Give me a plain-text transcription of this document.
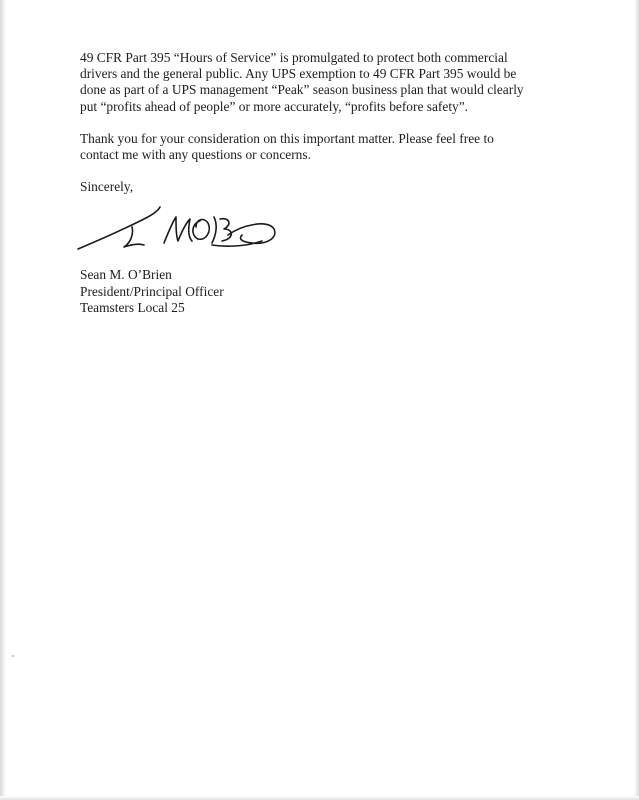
49 CFR Part 395 “Hours of Service” is promulgated to protect both commercial
drivers and the general public. Any UPS exemption to 49 CFR Part 395 would be
done as part of a UPS management “Peak” season business plan that would clearly
put “profits ahead of people” or more accurately, “profits before safety”.

Thank you for your consideration on this important matter. Please feel free to
contact me with any questions or concerns.

Sincerely,

Sean M. O’Brien
President/Principal Officer
Teamsters Local 25
